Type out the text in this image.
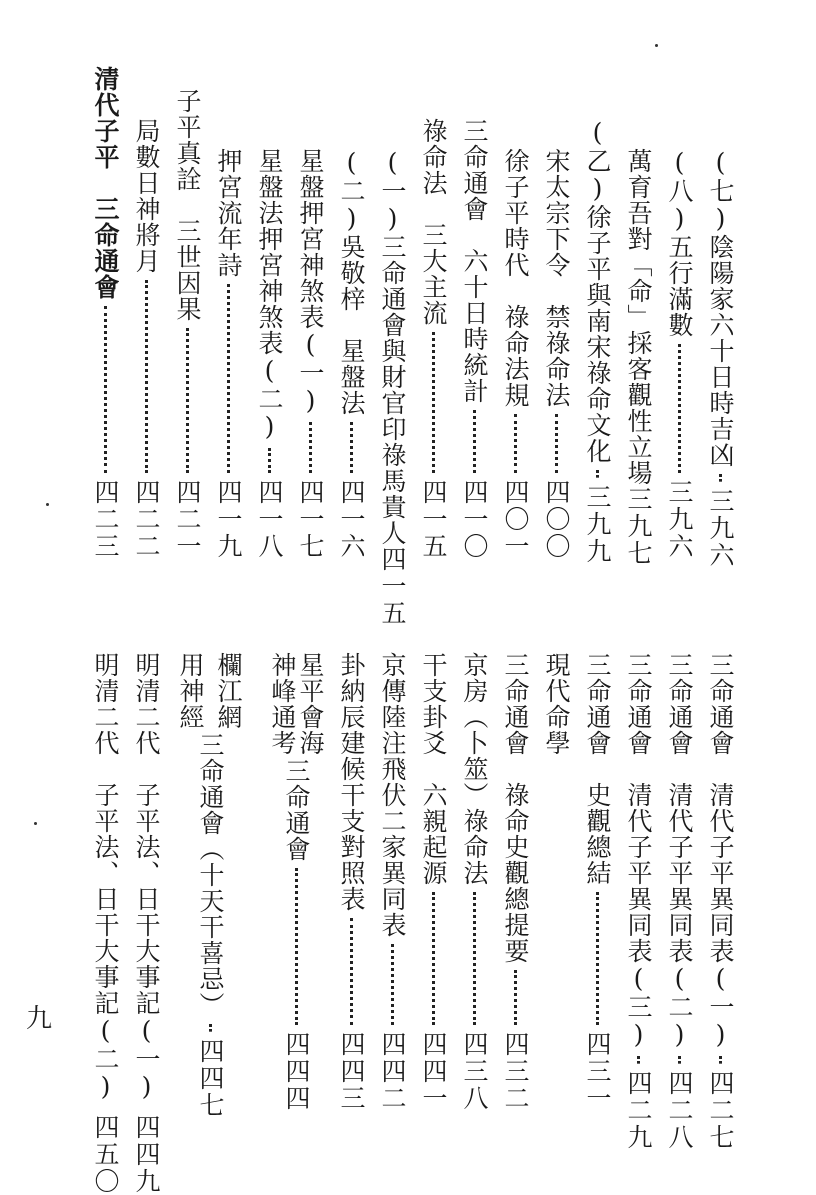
(七)陰陽家六十日時吉凶
三九六
(八)五行滿數
三九六
萬育吾對「命」採客觀性立場
三九七
(乙)徐子平與南宋祿命文化
三九九
宋太宗下令　禁祿命法
四〇〇
徐子平時代　祿命法規
四〇一
三命通會　六十日時統計
四一〇
祿命法　三大主流
四一五
(一)三命通會與財官印祿馬貴人
四一五
(二)吳敬梓　星盤法
四一六
星盤押宮神煞表(一)
四一七
星盤法押宮神煞表(二)
四一八
押宮流年詩
四一九
子平真詮　三世因果
四二一
局數日神將月
四二二
清代子平　三命通會
四二三
三命通會　清代子平異同表(一)
四二七
三命通會　清代子平異同表(二)
四二八
三命通會　清代子平異同表(三)
四二九
三命通會　史觀總結
四三一
現代命學
三命通會　祿命史觀總提要
四三二
京房（卜筮）祿命法
四三八
干支卦爻　六親起源
四四一
京傳陸注飛伏二家異同表
四四二
卦納辰建候干支對照表
四四三
星平會海
神峰通考
三命通會
四四四
欄江網
用神經
三命通會（十天干喜忌）
四四七
明清二代　子平法、日干大事記(一)
四四九
明清二代　子平法、日干大事記(二)
四五〇
九
